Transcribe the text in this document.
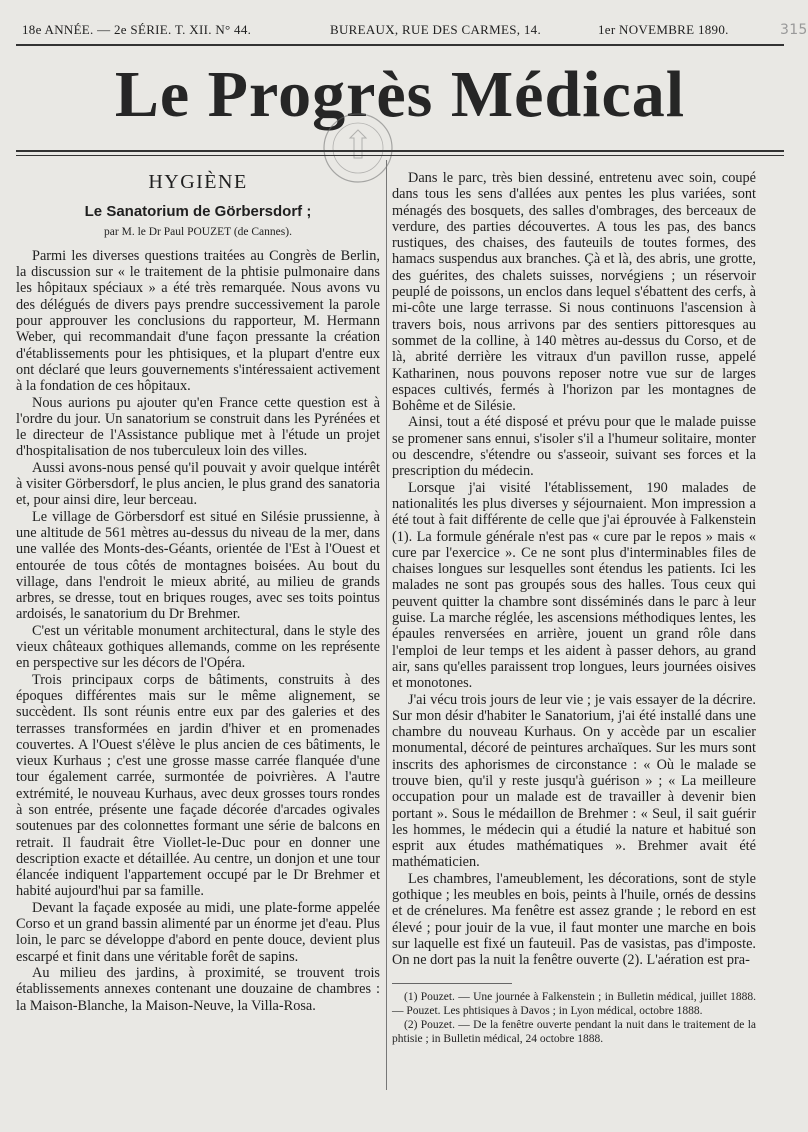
18e ANNÉE. — 2e SÉRIE. T. XII. N° 44.	BUREAUX, RUE DES CARMES, 14.	1er NOVEMBRE 1890.	315
Le Progrès Médical
HYGIÈNE
Le Sanatorium de Görbersdorf ;
par M. le Dr Paul POUZET (de Cannes).

Parmi les diverses questions traitées au Congrès de Berlin, la discussion sur « le traitement de la phtisie pulmonaire dans les hôpitaux spéciaux » a été très remarquée. Nous avons vu des délégués de divers pays prendre successivement la parole pour approuver les conclusions du rapporteur, M. Hermann Weber, qui recommandait d'une façon pressante la création d'établissements pour les phtisiques, et la plupart d'entre eux ont déclaré que leurs gouvernements s'intéressaient activement à la fondation de ces hôpitaux.

Nous aurions pu ajouter qu'en France cette question est à l'ordre du jour. Un sanatorium se construit dans les Pyrénées et le directeur de l'Assistance publique met à l'étude un projet d'hospitalisation de nos tuberculeux loin des villes.

Aussi avons-nous pensé qu'il pouvait y avoir quelque intérêt à visiter Görbersdorf, le plus ancien, le plus grand des sanatoria et, pour ainsi dire, leur berceau.

Le village de Görbersdorf est situé en Silésie prussienne, à une altitude de 561 mètres au-dessus du niveau de la mer, dans une vallée des Monts-des-Géants, orientée de l'Est à l'Ouest et entourée de tous côtés de montagnes boisées. Au bout du village, dans l'endroit le mieux abrité, au milieu de grands arbres, se dresse, tout en briques rouges, avec ses toits pointus ardoisés, le sanatorium du Dr Brehmer.

C'est un véritable monument architectural, dans le style des vieux châteaux gothiques allemands, comme on les représente en perspective sur les décors de l'Opéra.

Trois principaux corps de bâtiments, construits à des époques différentes mais sur le même alignement, se succèdent. Ils sont réunis entre eux par des galeries et des terrasses transformées en jardin d'hiver et en promenades couvertes. A l'Ouest s'élève le plus ancien de ces bâtiments, le vieux Kurhaus ; c'est une grosse masse carrée flanquée d'une tour également carrée, surmontée de poivrières. A l'autre extrémité, le nouveau Kurhaus, avec deux grosses tours rondes à son entrée, présente une façade décorée d'arcades ogivales soutenues par des colonnettes formant une série de balcons en retrait. Il faudrait être Viollet-le-Duc pour en donner une description exacte et détaillée. Au centre, un donjon et une tour élancée indiquent l'appartement occupé par le Dr Brehmer et habité aujourd'hui par sa famille.

Devant la façade exposée au midi, une plate-forme appelée Corso et un grand bassin alimenté par un énorme jet d'eau. Plus loin, le parc se développe d'abord en pente douce, devient plus escarpé et finit dans une véritable forêt de sapins.

Au milieu des jardins, à proximité, se trouvent trois établissements annexes contenant une douzaine de chambres : la Maison-Blanche, la Maison-Neuve, la Villa-Rosa.

Dans le parc, très bien dessiné, entretenu avec soin, coupé dans tous les sens d'allées aux pentes les plus variées, sont ménagés des bosquets, des salles d'ombrages, des berceaux de verdure, des parties découvertes. A tous les pas, des bancs rustiques, des chaises, des fauteuils de toutes formes, des hamacs suspendus aux branches. Çà et là, des abris, une grotte, des guérites, des chalets suisses, norvégiens ; un réservoir peuplé de poissons, un enclos dans lequel s'ébattent des cerfs, à mi-côte une large terrasse. Si nous continuons l'ascension à travers bois, nous arrivons par des sentiers pittoresques au sommet de la colline, à 140 mètres au-dessus du Corso, et de là, abrité derrière les vitraux d'un pavillon russe, appelé Katharinen, nous pouvons reposer notre vue sur de larges espaces cultivés, fermés à l'horizon par les montagnes de Bohême et de Silésie.

Ainsi, tout a été disposé et prévu pour que le malade puisse se promener sans ennui, s'isoler s'il a l'humeur solitaire, monter ou descendre, s'étendre ou s'asseoir, suivant ses forces et la prescription du médecin.

Lorsque j'ai visité l'établissement, 190 malades de nationalités les plus diverses y séjournaient. Mon impression a été tout à fait différente de celle que j'ai éprouvée à Falkenstein (1). La formule générale n'est pas « cure par le repos » mais « cure par l'exercice ». Ce ne sont plus d'interminables files de chaises longues sur lesquelles sont étendus les patients. Ici les malades ne sont pas groupés sous des halles. Tous ceux qui peuvent quitter la chambre sont disséminés dans le parc à leur guise. La marche réglée, les ascensions méthodiques lentes, les épaules renversées en arrière, jouent un grand rôle dans l'emploi de leur temps et les aident à passer dehors, au grand air, sans qu'elles paraissent trop longues, leurs journées oisives et monotones.

J'ai vécu trois jours de leur vie ; je vais essayer de la décrire. Sur mon désir d'habiter le Sanatorium, j'ai été installé dans une chambre du nouveau Kurhaus. On y accède par un escalier monumental, décoré de peintures archaïques. Sur les murs sont inscrits des aphorismes de circonstance : « Où le malade se trouve bien, qu'il y reste jusqu'à guérison » ; « La meilleure occupation pour un malade est de travailler à devenir bien portant ». Sous le médaillon de Brehmer : « Seul, il sait guérir les hommes, le médecin qui a étudié la nature et habitué son esprit aux études mathématiques ». Brehmer avait été mathématicien.

Les chambres, l'ameublement, les décorations, sont de style gothique ; les meubles en bois, peints à l'huile, ornés de dessins et de crénelures. Ma fenêtre est assez grande ; le rebord en est élevé ; pour jouir de la vue, il faut monter une marche en bois sur laquelle est fixé un fauteuil. Pas de vasistas, pas d'imposte. On ne dort pas la nuit la fenêtre ouverte (2). L'aération est pra-

(1) Pouzet. — Une journée à Falkenstein ; in Bulletin médical, juillet 1888. — Pouzet. Les phtisiques à Davos ; in Lyon médical, octobre 1888.

(2) Pouzet. — De la fenêtre ouverte pendant la nuit dans le traitement de la phtisie ; in Bulletin médical, 24 octobre 1888.
